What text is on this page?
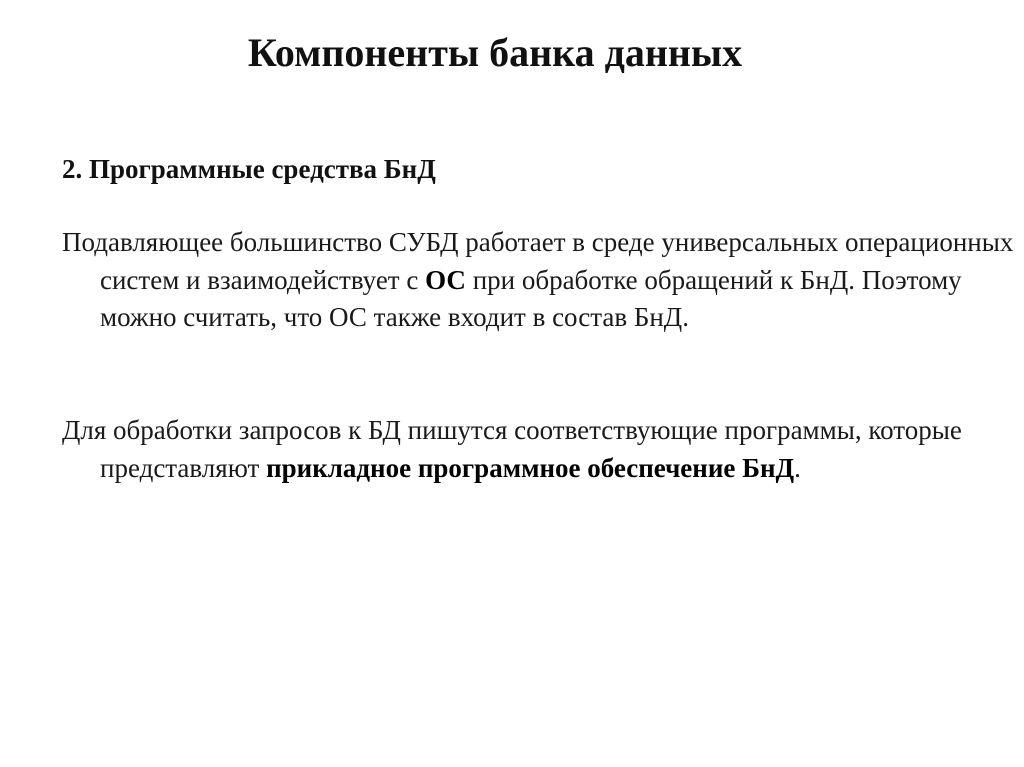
Компоненты банка данных
2. Программные средства БнД
Подавляющее большинство СУБД работает в среде универсальных операционных систем и взаимодействует с ОС при обработке обращений к БнД. Поэтому можно считать, что ОС также входит в состав БнД.
Для обработки запросов к БД пишутся соответствующие программы, которые представляют прикладное программное обеспечение БнД.
